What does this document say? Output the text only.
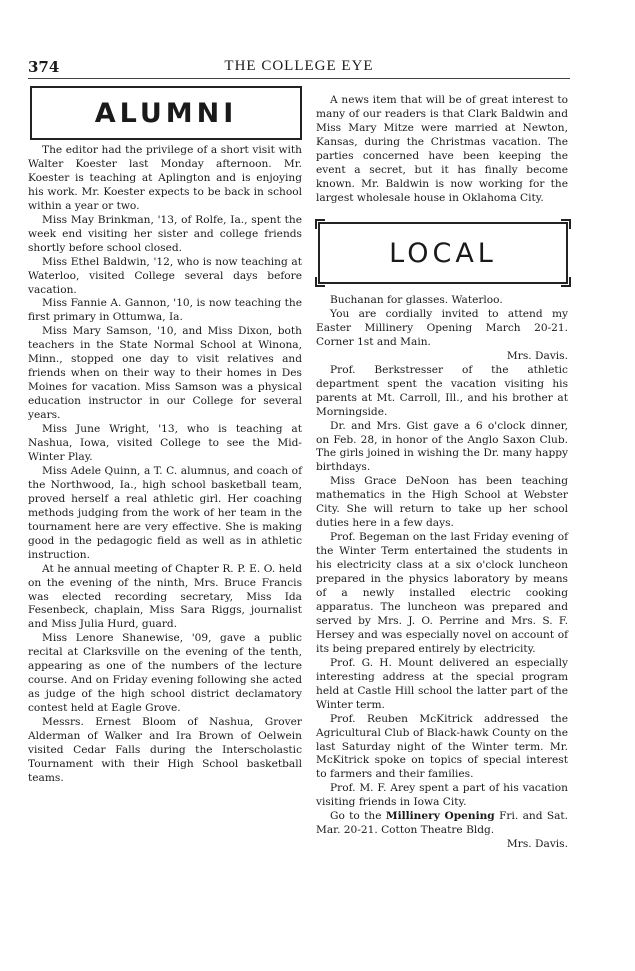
374	THE COLLEGE EYE
ALUMNI

The editor had the privilege of a short visit with Walter Koester last Monday afternoon. Mr. Koester is teaching at Aplington and is enjoying his work. Mr. Koester expects to be back in school within a year or two.

Miss May Brinkman, '13, of Rolfe, Ia., spent the week end visiting her sister and college friends shortly before school closed.

Miss Ethel Baldwin, '12, who is now teaching at Waterloo, visited College several days before vacation.

Miss Fannie A. Gannon, '10, is now teaching the first primary in Ottumwa, Ia.

Miss Mary Samson, '10, and Miss Dixon, both teachers in the State Normal School at Winona, Minn., stopped one day to visit relatives and friends when on their way to their homes in Des Moines for vacation. Miss Samson was a physical education instructor in our College for several years.

Miss June Wright, '13, who is teaching at Nashua, Iowa, visited College to see the Mid-Winter Play.

Miss Adele Quinn, a T. C. alumnus, and coach of the Northwood, Ia., high school basketball team, proved herself a real athletic girl. Her coaching methods judging from the work of her team in the tournament here are very effective. She is making good in the pedagogic field as well as in athletic instruction.

At he annual meeting of Chapter R. P. E. O. held on the evening of the ninth, Mrs. Bruce Francis was elected recording secretary, Miss Ida Fesenbeck, chaplain, Miss Sara Riggs, journalist and Miss Julia Hurd, guard.

Miss Lenore Shanewise, '09, gave a public recital at Clarksville on the evening of the tenth, appearing as one of the numbers of the lecture course. And on Friday evening following she acted as judge of the high school district declamatory contest held at Eagle Grove.

Messrs. Ernest Bloom of Nashua, Grover Alderman of Walker and Ira Brown of Oelwein visited Cedar Falls during the Interscholastic Tournament with their High School basketball teams.

A news item that will be of great interest to many of our readers is that Clark Baldwin and Miss Mary Mitze were married at Newton, Kansas, during the Christmas vacation. The parties concerned have been keeping the event a secret, but it has finally become known. Mr. Baldwin is now working for the largest wholesale house in Oklahoma City.

LOCAL

Buchanan for glasses. Waterloo.

You are cordially invited to attend my Easter Millinery Opening March 20-21. Corner 1st and Main.

Mrs. Davis.

Prof. Berkstresser of the athletic department spent the vacation visiting his parents at Mt. Carroll, Ill., and his brother at Morningside.

Dr. and Mrs. Gist gave a 6 o'clock dinner, on Feb. 28, in honor of the Anglo Saxon Club. The girls joined in wishing the Dr. many happy birthdays.

Miss Grace DeNoon has been teaching mathematics in the High School at Webster City. She will return to take up her school duties here in a few days.

Prof. Begeman on the last Friday evening of the Winter Term entertained the students in his electricity class at a six o'clock luncheon prepared in the physics laboratory by means of a newly installed electric cooking apparatus. The luncheon was prepared and served by Mrs. J. O. Perrine and Mrs. S. F. Hersey and was especially novel on account of its being prepared entirely by electricity.

Prof. G. H. Mount delivered an especially interesting address at the special program held at Castle Hill school the latter part of the Winter term.

Prof. Reuben McKitrick addressed the Agricultural Club of Black-hawk County on the last Saturday night of the Winter term. Mr. McKitrick spoke on topics of special interest to farmers and their families.

Prof. M. F. Arey spent a part of his vacation visiting friends in Iowa City.

Go to the Millinery Opening Fri. and Sat. Mar. 20-21. Cotton Theatre Bldg.

Mrs. Davis.
